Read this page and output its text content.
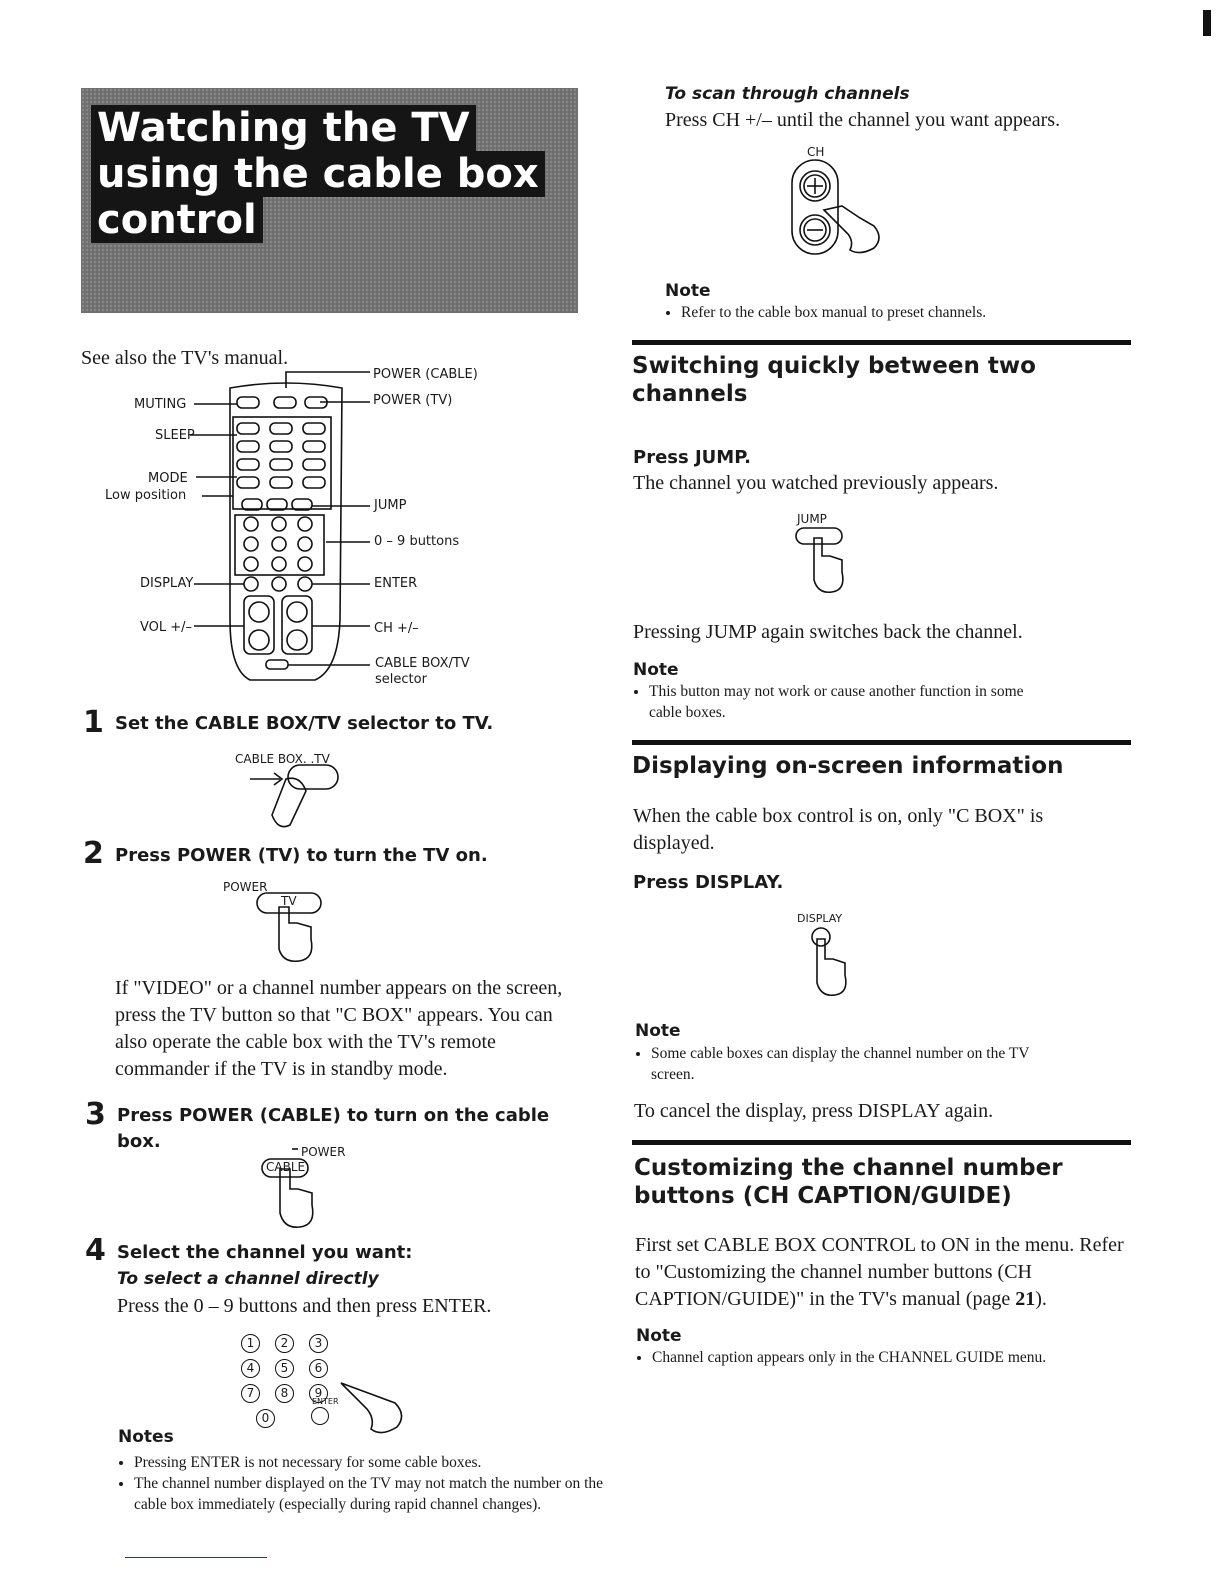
Watching the TV
using the cable box
control
See also the TV's manual.
POWER (CABLE)
POWER (TV)
MUTING
SLEEP
MODE
Low position
JUMP
0 – 9 buttons
DISPLAY	ENTER
VOL +/–	CH +/–
CABLE BOX/TV
selector
1 Set the CABLE BOX/TV selector to TV.
CABLE BOX. .TV
2 Press POWER (TV) to turn the TV on.
POWER
TV
If "VIDEO" or a channel number appears on the screen, press the TV button so that "C BOX" appears. You can also operate the cable box with the TV's remote commander if the TV is in standby mode.
3 Press POWER (CABLE) to turn on the cable
box.	POWER
CABLE
4 Select the channel you want:
To select a channel directly
Press the 0 – 9 buttons and then press ENTER.
1	2	3
4	5	6
7	8	9
0
ENTER
Notes
• Pressing ENTER is not necessary for some cable boxes.
• The channel number displayed on the TV may not match the number on the cable box immediately (especially during rapid channel changes).
To scan through channels
Press CH +/– until the channel you want appears.
CH
Note
• Refer to the cable box manual to preset channels.
Switching quickly between two
channels
Press JUMP.
The channel you watched previously appears.
JUMP
Pressing JUMP again switches back the channel.
Note
• This button may not work or cause another function in some
cable boxes.
Displaying on-screen information
When the cable box control is on, only "C BOX" is displayed.
Press DISPLAY.
DISPLAY
Note
• Some cable boxes can display the channel number on the TV
screen.
To cancel the display, press DISPLAY again.
Customizing the channel number
buttons (CH CAPTION/GUIDE)
First set CABLE BOX CONTROL to ON in the menu. Refer to "Customizing the channel number buttons (CH CAPTION/GUIDE)" in the TV's manual (page 21).
Note
• Channel caption appears only in the CHANNEL GUIDE menu.
